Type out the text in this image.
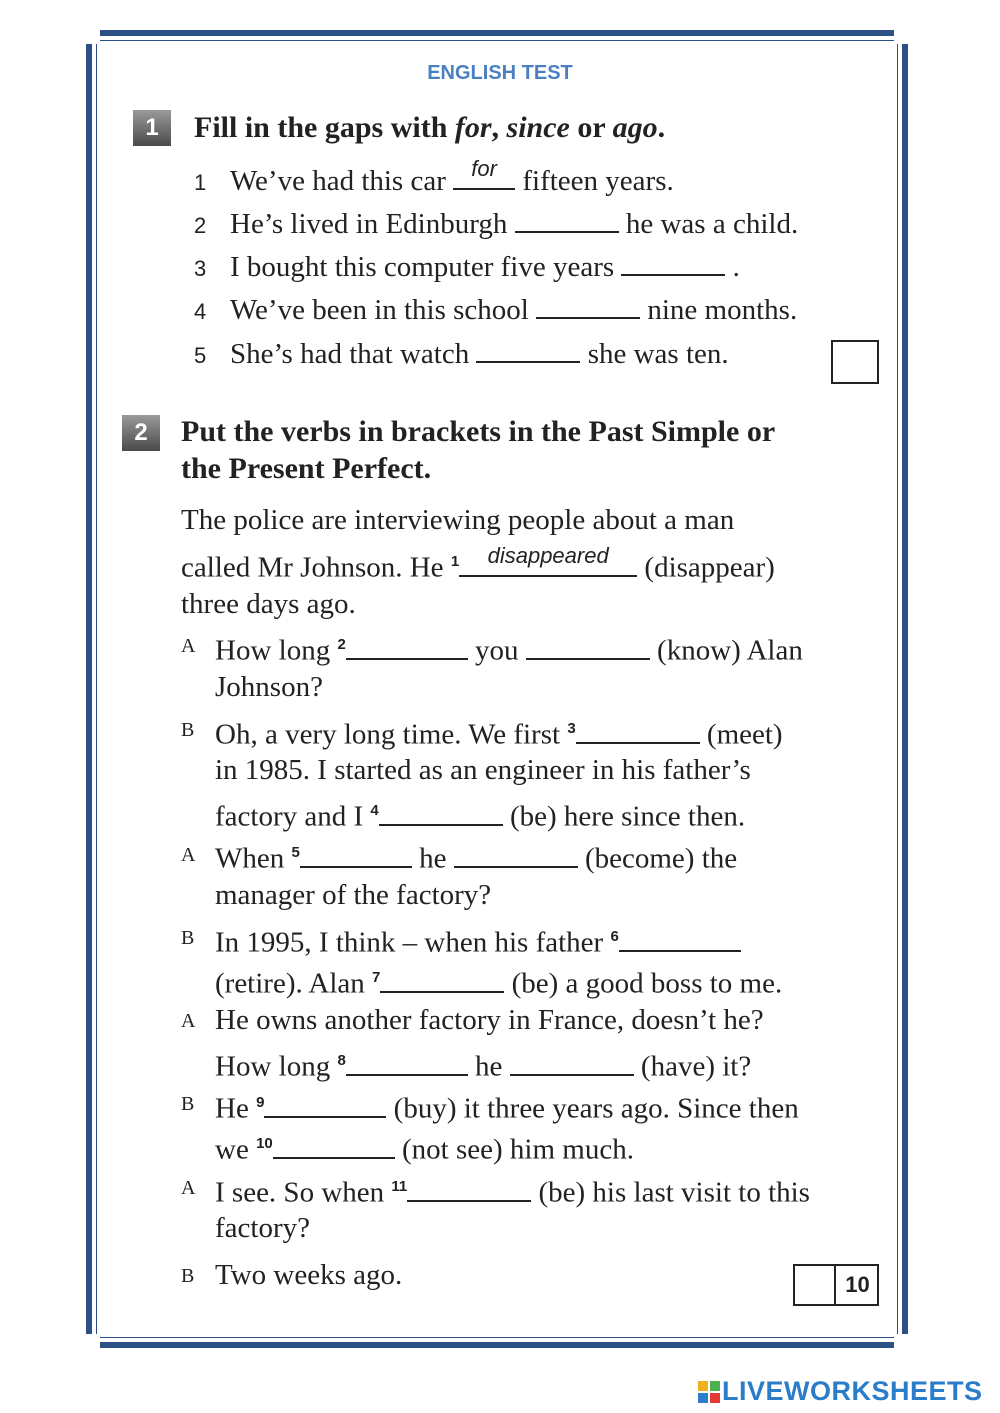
ENGLISH TEST
1	Fill in the gaps with for, since or ago.
1 We’ve had this car for fifteen years.
2 He’s lived in Edinburgh	he was a child.
3 I bought this computer five years	.
4 We’ve been in this school	nine months.
5 She’s had that watch	she was ten.
2	Put the verbs in brackets in the Past Simple or
the Present Perfect.
The police are interviewing people about a man
called Mr Johnson. He $^1$	disappeared (disappear)
three days ago.
A How long $^2$	you	(know) Alan
Johnson?
B Oh, a very long time. We first $^3$	(meet)
in 1985. I started as an engineer in his father’s
factory and I $^4$	(be) here since then.
A When $^5$	he	(become) the
manager of the factory?
B In 1995, I think – when his father $^6$
(retire). Alan $^7$	(be) a good boss to me.
A He owns another factory in France, doesn’t he?
How long $^8$	he	(have) it?
B He $^9$	(buy) it three years ago. Since then
we $^{10}$	(not see) him much.
A I see. So when $^{11}$	(be) his last visit to this
factory?
B Two weeks ago.	10
LIVEWORKSHEETS
